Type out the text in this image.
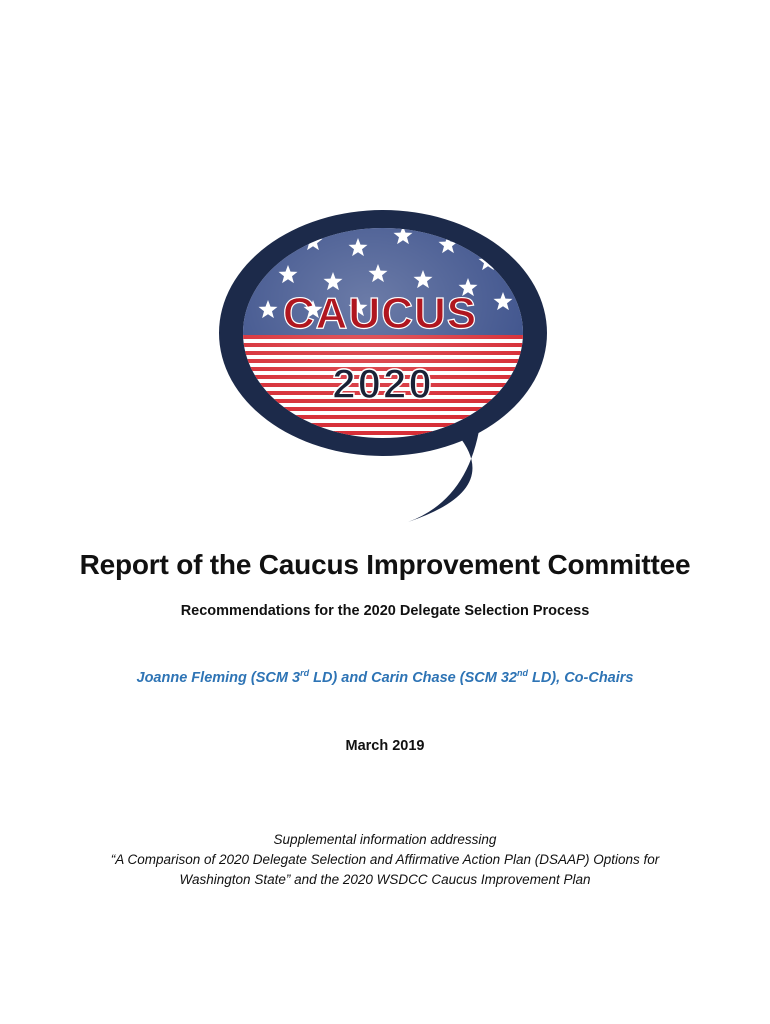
CAUCUS
2020
Report of the Caucus Improvement Committee
Recommendations for the 2020 Delegate Selection Process
Joanne Fleming (SCM 3rd LD) and Carin Chase (SCM 32nd LD), Co-Chairs
March 2019
Supplemental information addressing
“A Comparison of 2020 Delegate Selection and Affirmative Action Plan (DSAAP) Options for
Washington State” and the 2020 WSDCC Caucus Improvement Plan
